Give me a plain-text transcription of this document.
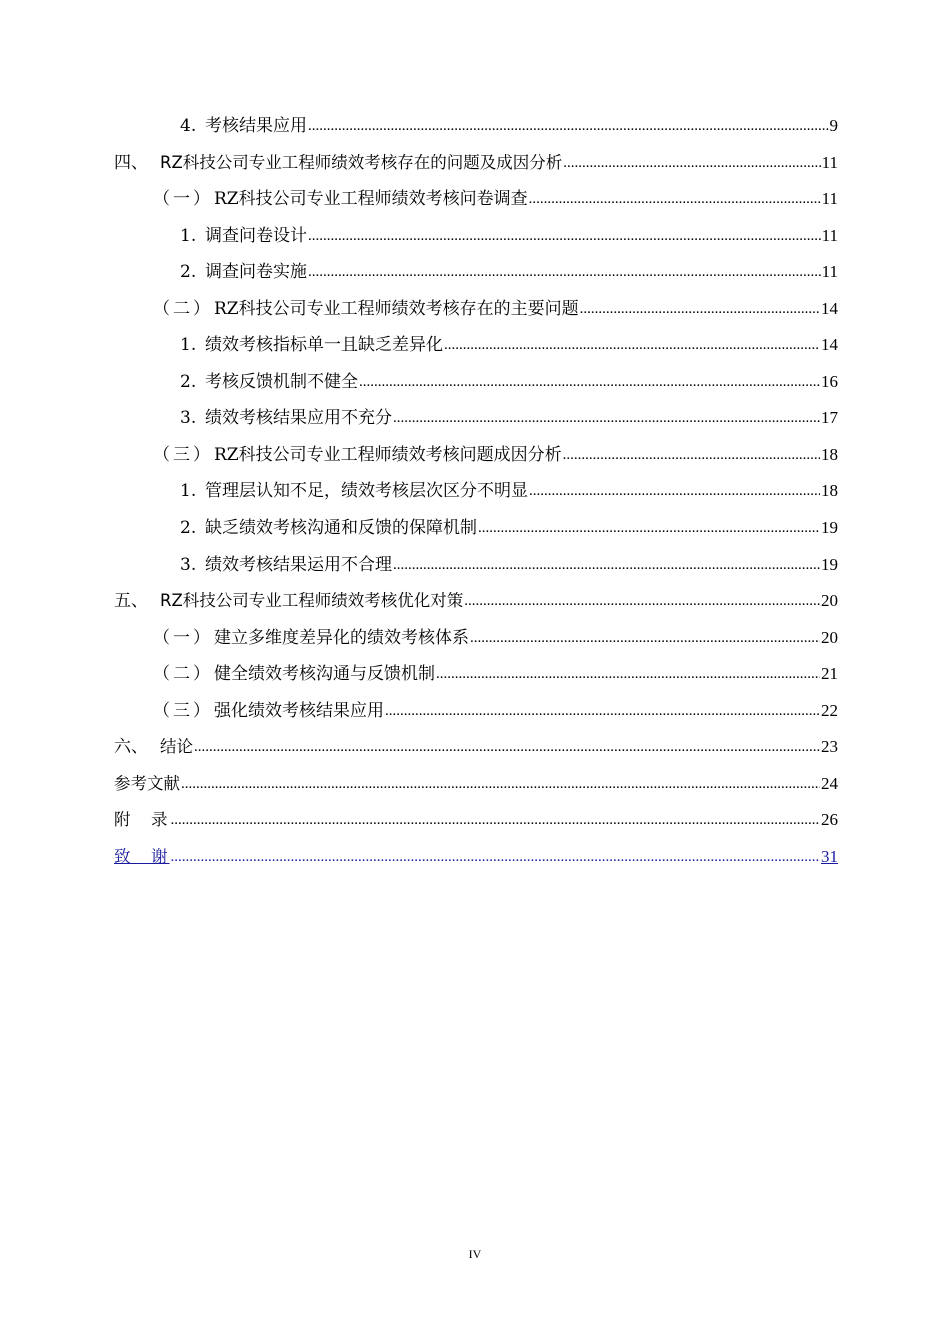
4. 考核结果应用 .....	9
四、 RZ科技公司专业工程师绩效考核存在的问题及成因分析 .....	11
（一） RZ科技公司专业工程师绩效考核问卷调查 .....	11
1. 调查问卷设计 .....	11
2. 调查问卷实施 .....	11
（二） RZ科技公司专业工程师绩效考核存在的主要问题 .....	14
1. 绩效考核指标单一且缺乏差异化 .....	14
2. 考核反馈机制不健全 .....	16
3. 绩效考核结果应用不充分 .....	17
（三） RZ科技公司专业工程师绩效考核问题成因分析 .....	18
1. 管理层认知不足，绩效考核层次区分不明显 .....	18
2. 缺乏绩效考核沟通和反馈的保障机制 .....	19
3. 绩效考核结果运用不合理 .....	19
五、 RZ科技公司专业工程师绩效考核优化对策 .....	20
（一） 建立多维度差异化的绩效考核体系 .....	20
（二） 健全绩效考核沟通与反馈机制 .....	21
（三） 强化绩效考核结果应用 .....	22
六、 结论 .....	23
参考文献 .....	24
附　录 .....	26
致　谢 .....	31
IV
